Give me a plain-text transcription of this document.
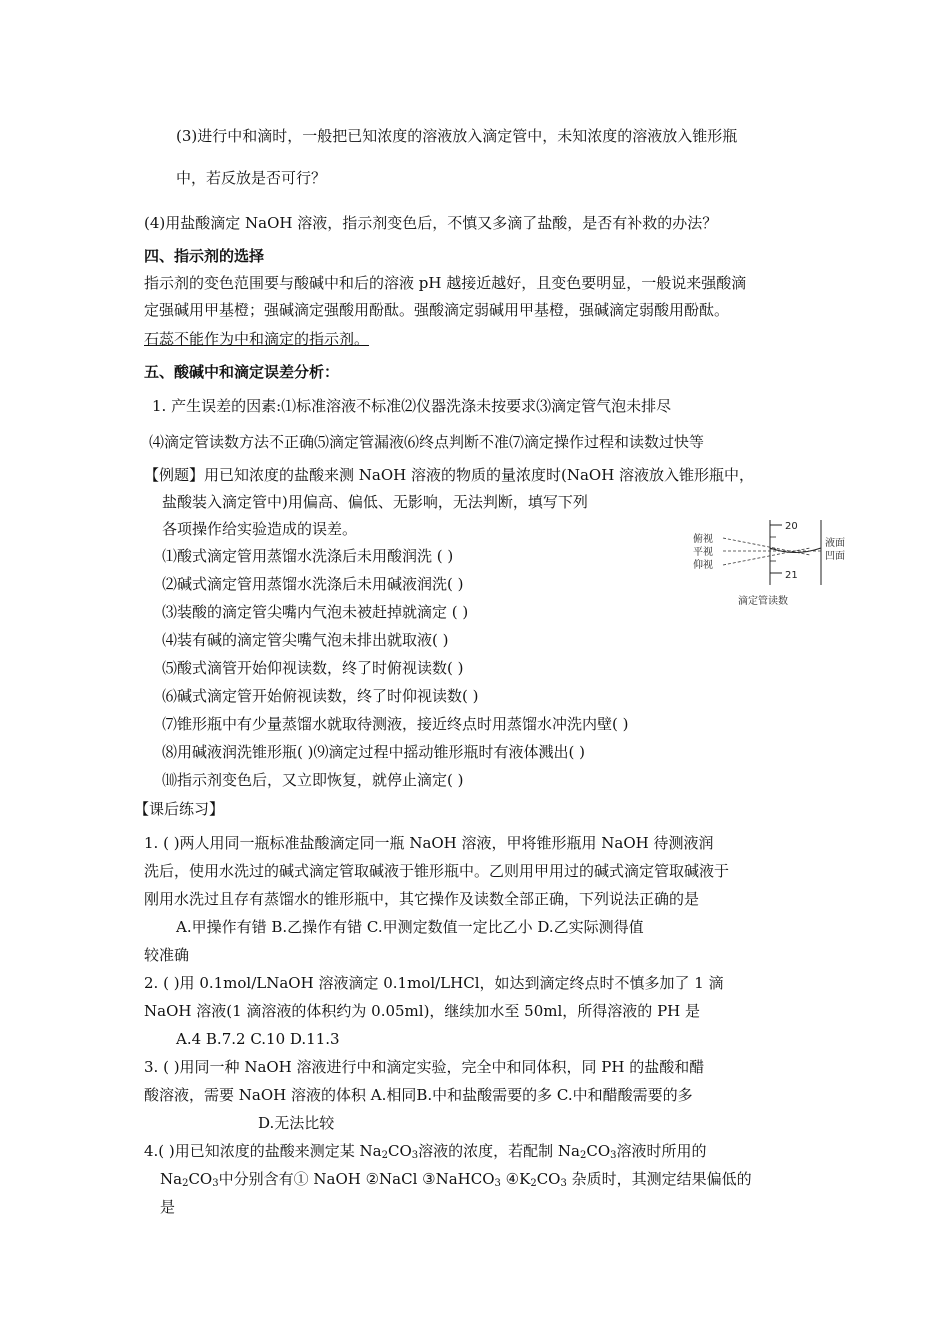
(3)进行中和滴时，一般把已知浓度的溶液放入滴定管中，未知浓度的溶液放入锥形瓶
中，若反放是否可行？
(4)用盐酸滴定 NaOH 溶液，指示剂变色后，不慎又多滴了盐酸，是否有补救的办法？
四、指示剂的选择
指示剂的变色范围要与酸碱中和后的溶液 pH 越接近越好，且变色要明显，一般说来强酸滴
定强碱用甲基橙；强碱滴定强酸用酚酞。强酸滴定弱碱用甲基橙，强碱滴定弱酸用酚酞。
石蕊不能作为中和滴定的指示剂。
五、酸碱中和滴定误差分析：
1. 产生误差的因素:⑴标准溶液不标准⑵仪器洗涤未按要求⑶滴定管气泡未排尽
⑷滴定管读数方法不正确⑸滴定管漏液⑹终点判断不准⑺滴定操作过程和读数过快等
【例题】用已知浓度的盐酸来测 NaOH 溶液的物质的量浓度时(NaOH 溶液放入锥形瓶中，
盐酸装入滴定管中)用偏高、偏低、无影响，无法判断，填写下列
各项操作给实验造成的误差。
⑴酸式滴定管用蒸馏水洗涤后未用酸润洗 ( )
⑵碱式滴定管用蒸馏水洗涤后未用碱液润洗( )
⑶装酸的滴定管尖嘴内气泡未被赶掉就滴定 ( )
⑷装有碱的滴定管尖嘴气泡未排出就取液( )
⑸酸式滴管开始仰视读数，终了时俯视读数( )
⑹碱式滴定管开始俯视读数，终了时仰视读数( )
⑺锥形瓶中有少量蒸馏水就取待测液，接近终点时用蒸馏水冲洗内壁( )
⑻用碱液润洗锥形瓶( )⑼滴定过程中摇动锥形瓶时有液体溅出( )
⑽指示剂变色后，又立即恢复，就停止滴定( )
20
21
俯视
平视
仰视
液面
凹面
滴定管读数
【课后练习】
1. ( )两人用同一瓶标准盐酸滴定同一瓶 NaOH 溶液，甲将锥形瓶用 NaOH 待测液润
洗后，使用水洗过的碱式滴定管取碱液于锥形瓶中。乙则用甲用过的碱式滴定管取碱液于
刚用水洗过且存有蒸馏水的锥形瓶中，其它操作及读数全部正确，下列说法正确的是
A.甲操作有错 B.乙操作有错 C.甲测定数值一定比乙小 D.乙实际测得值
较准确
2. ( )用 0.1mol/LNaOH 溶液滴定 0.1mol/LHCl，如达到滴定终点时不慎多加了 1 滴
NaOH 溶液(1 滴溶液的体积约为 0.05ml)，继续加水至 50ml，所得溶液的 PH 是
A.4 B.7.2 C.10 D.11.3
3. ( )用同一种 NaOH 溶液进行中和滴定实验，完全中和同体积，同 PH 的盐酸和醋
酸溶液，需要 NaOH 溶液的体积 A.相同B.中和盐酸需要的多 C.中和醋酸需要的多
D.无法比较
4.( )用已知浓度的盐酸来测定某 $Na_2CO_3$溶液的浓度，若配制 $Na_2CO_3$溶液时所用的
$Na_2CO_3$中分别含有① NaOH ②NaCl ③NaHCO$_3$ $④K_2CO_3$ 杂质时，其测定结果偏低的
是
